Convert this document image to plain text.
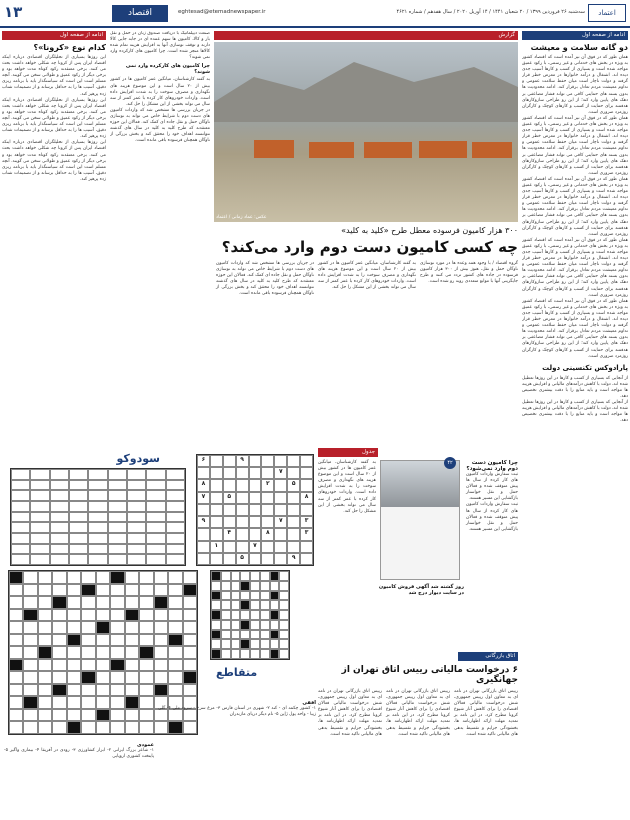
۱۳	اقتصاد	eghtesad@etemadnewspaper.ir	سه‌شنبه ۲۶ فروردین ۱۳۹۹ / ۲۰ شعبان ۱۴۴۱ / ۱۴ آوریل ۲۰۲۰ / سال هفدهم / شماره ۴۶۲۱	اعتماد
ادامه از صفحه اول
دو گانه سلامت و معیشت
همان طور که در فوق آن نیز آمده است که اقتصاد کشور به ویژه در بخش های خدماتی و غیر رسمی، با رکود عمیق مواجه شده است و بسیاری از کسب و کارها آسیب جدی دیده اند. اشتغال و درآمد خانوارها در معرض خطر قرار گرفته و دولت ناچار است میان حفظ سلامت عمومی و تداوم معیشت مردم تعادل برقرار کند. ادامه محدودیت ها بدون بسته های حمایتی کافی می تواند فشار مضاعفی بر دهک های پایین وارد کند؛ از این رو طراحی سازوکارهای هدفمند برای حمایت از کسب و کارهای کوچک و کارگران روزمزد ضروری است.
همان طور که در فوق آن نیز آمده است که اقتصاد کشور به ویژه در بخش های خدماتی و غیر رسمی، با رکود عمیق مواجه شده است و بسیاری از کسب و کارها آسیب جدی دیده اند. اشتغال و درآمد خانوارها در معرض خطر قرار گرفته و دولت ناچار است میان حفظ سلامت عمومی و تداوم معیشت مردم تعادل برقرار کند. ادامه محدودیت ها بدون بسته های حمایتی کافی می تواند فشار مضاعفی بر دهک های پایین وارد کند؛ از این رو طراحی سازوکارهای هدفمند برای حمایت از کسب و کارهای کوچک و کارگران روزمزد ضروری است.
همان طور که در فوق آن نیز آمده است که اقتصاد کشور به ویژه در بخش های خدماتی و غیر رسمی، با رکود عمیق مواجه شده است و بسیاری از کسب و کارها آسیب جدی دیده اند. اشتغال و درآمد خانوارها در معرض خطر قرار گرفته و دولت ناچار است میان حفظ سلامت عمومی و تداوم معیشت مردم تعادل برقرار کند. ادامه محدودیت ها بدون بسته های حمایتی کافی می تواند فشار مضاعفی بر دهک های پایین وارد کند؛ از این رو طراحی سازوکارهای هدفمند برای حمایت از کسب و کارهای کوچک و کارگران روزمزد ضروری است.
همان طور که در فوق آن نیز آمده است که اقتصاد کشور به ویژه در بخش های خدماتی و غیر رسمی، با رکود عمیق مواجه شده است و بسیاری از کسب و کارها آسیب جدی دیده اند. اشتغال و درآمد خانوارها در معرض خطر قرار گرفته و دولت ناچار است میان حفظ سلامت عمومی و تداوم معیشت مردم تعادل برقرار کند. ادامه محدودیت ها بدون بسته های حمایتی کافی می تواند فشار مضاعفی بر دهک های پایین وارد کند؛ از این رو طراحی سازوکارهای هدفمند برای حمایت از کسب و کارهای کوچک و کارگران روزمزد ضروری است.
همان طور که در فوق آن نیز آمده است که اقتصاد کشور به ویژه در بخش های خدماتی و غیر رسمی، با رکود عمیق مواجه شده است و بسیاری از کسب و کارها آسیب جدی دیده اند. اشتغال و درآمد خانوارها در معرض خطر قرار گرفته و دولت ناچار است میان حفظ سلامت عمومی و تداوم معیشت مردم تعادل برقرار کند. ادامه محدودیت ها بدون بسته های حمایتی کافی می تواند فشار مضاعفی بر دهک های پایین وارد کند؛ از این رو طراحی سازوکارهای هدفمند برای حمایت از کسب و کارهای کوچک و کارگران روزمزد ضروری است.
پارادوکس تکنسینی دولت
از آنجایی که بسیاری از کسب و کارها در این روزها تعطیل شده اند، دولت با کاهش درآمدهای مالیاتی و افزایش هزینه ها مواجه است و باید منابع را با دقت بیشتری تخصیص دهد.
از آنجایی که بسیاری از کسب و کارها در این روزها تعطیل شده اند، دولت با کاهش درآمدهای مالیاتی و افزایش هزینه ها مواجه است و باید منابع را با دقت بیشتری تخصیص دهد.
گزارش
عکس: عماد زمانی / اعتماد
۳۰۰ هزار کامیون فرسوده معطل طرح «کلید به کلید»
چه کسی کامیون دست دوم وارد می‌کند؟
گروه اقتصاد / با وجود همه وعده ها در مورد نوسازی ناوگان حمل و نقل، هنوز بیش از ۳۰۰ هزار کامیون فرسوده در جاده های کشور تردد می کنند و طرح جایگزینی آنها با موانع متعددی روبه رو شده است.
به گفته کارشناسان، میانگین عمر کامیون ها در کشور بیش از ۲۰ سال است و این موضوع هزینه های نگهداری و مصرف سوخت را به شدت افزایش داده است. واردات خودروهای کار کرده با عمر کمتر از سه سال می تواند بخشی از این مشکل را حل کند.
در جریان بررسی ها مشخص شد که واردات کامیون های دست دوم با شرایط خاص می تواند به نوسازی ناوگان حمل و نقل جاده ای کمک کند. فعالان این حوزه معتقدند که طرح کلید به کلید در سال های گذشته نتوانسته اهداف خود را محقق کند و بخش بزرگی از ناوگان همچنان فرسوده باقی مانده است.
صنعت دیپلماتیک با دریافت صندوق زنان در حمل و نقل بار و کالا، کامیون ها سهم عمده ای در جابه جایی کالا دارند و توقف نوسازی آنها به افزایش هزینه تمام شده کالاها منجر شده است. چرا کامیون های کارکرده وارد نمی شوند؟
چرا کامیون های کارکرده وارد نمی شوند؟
به گفته کارشناسان، میانگین عمر کامیون ها در کشور بیش از ۲۰ سال است و این موضوع هزینه های نگهداری و مصرف سوخت را به شدت افزایش داده است. واردات خودروهای کار کرده با عمر کمتر از سه سال می تواند بخشی از این مشکل را حل کند.
در جریان بررسی ها مشخص شد که واردات کامیون های دست دوم با شرایط خاص می تواند به نوسازی ناوگان حمل و نقل جاده ای کمک کند. فعالان این حوزه معتقدند که طرح کلید به کلید در سال های گذشته نتوانسته اهداف خود را محقق کند و بخش بزرگی از ناوگان همچنان فرسوده باقی مانده است.
ادامه از صفحه اول
کدام نوع «کرونا»؟
این روزها بسیاری از تحلیلگران اقتصادی درباره اینکه اقتصاد ایران پس از کرونا چه شکلی خواهد داشت بحث می کنند. برخی معتقدند رکود کوتاه مدت خواهد بود و برخی دیگر از رکود عمیق و طولانی سخن می گویند. آنچه مسلم است این است که سیاستگذار باید با برنامه ریزی دقیق، آسیب ها را به حداقل برساند و از تصمیمات شتاب زده پرهیز کند.
این روزها بسیاری از تحلیلگران اقتصادی درباره اینکه اقتصاد ایران پس از کرونا چه شکلی خواهد داشت بحث می کنند. برخی معتقدند رکود کوتاه مدت خواهد بود و برخی دیگر از رکود عمیق و طولانی سخن می گویند. آنچه مسلم است این است که سیاستگذار باید با برنامه ریزی دقیق، آسیب ها را به حداقل برساند و از تصمیمات شتاب زده پرهیز کند.
این روزها بسیاری از تحلیلگران اقتصادی درباره اینکه اقتصاد ایران پس از کرونا چه شکلی خواهد داشت بحث می کنند. برخی معتقدند رکود کوتاه مدت خواهد بود و برخی دیگر از رکود عمیق و طولانی سخن می گویند. آنچه مسلم است این است که سیاستگذار باید با برنامه ریزی دقیق، آسیب ها را به حداقل برساند و از تصمیمات شتاب زده پرهیز کند.
سودوکو	۶	۹
۷
۸	۲	۵
۷	۵	۸
۹	۷	۳
۴	۸	۳
۱	۷
۵	۹
جدول
۴۲
روز گشته شد آگهی فروش کامیون در سایت دیوار درج شد
چرا کامیون دست دوم وارد نمی‌شود؟
ثبت سفارش واردات کامیون های کار کرده از سال ها پیش متوقف شده و فعالان حمل و نقل خواستار بازگشایی این مسیر هستند.
ثبت سفارش واردات کامیون های کار کرده از سال ها پیش متوقف شده و فعالان حمل و نقل خواستار بازگشایی این مسیر هستند.
به گفته کارشناسان، میانگین عمر کامیون ها در کشور بیش از ۲۰ سال است و این موضوع هزینه های نگهداری و مصرف سوخت را به شدت افزایش داده است. واردات خودروهای کار کرده با عمر کمتر از سه سال می تواند بخشی از این مشکل را حل کند.
متقاطع
عمودی
۱- شاعر بزرگ ایرانی ۲- ابزار کشاورزی ۳- رودی در آفریقا ۴- بیماری واگیر ۵- پایتخت کشوری اروپایی
افقی
۱- کشور چکمه ای - کند ۲- شهری در استان فارس ۳- مرغ سرخ - سرود ملی ۴- گلی زیبا - واحد پول ژاپن ۵- نام دیگر دریای مازندران
اتاق بازرگانی
۶ درخواست مالیاتی رییس اتاق تهران از جهانگیری
رییس اتاق بازرگانی تهران در نامه ای به معاون اول رییس جمهوری، شش درخواست مالیاتی فعالان اقتصادی را برای کاهش آثار شیوع کرونا مطرح کرد. در این نامه بر تمدید مهلت ارائه اظهارنامه ها، بخشودگی جرایم و تقسیط بدهی های مالیاتی تاکید شده است.
رییس اتاق بازرگانی تهران در نامه ای به معاون اول رییس جمهوری، شش درخواست مالیاتی فعالان اقتصادی را برای کاهش آثار شیوع کرونا مطرح کرد. در این نامه بر تمدید مهلت ارائه اظهارنامه ها، بخشودگی جرایم و تقسیط بدهی های مالیاتی تاکید شده است.
رییس اتاق بازرگانی تهران در نامه ای به معاون اول رییس جمهوری، شش درخواست مالیاتی فعالان اقتصادی را برای کاهش آثار شیوع کرونا مطرح کرد. در این نامه بر تمدید مهلت ارائه اظهارنامه ها، بخشودگی جرایم و تقسیط بدهی های مالیاتی تاکید شده است.
